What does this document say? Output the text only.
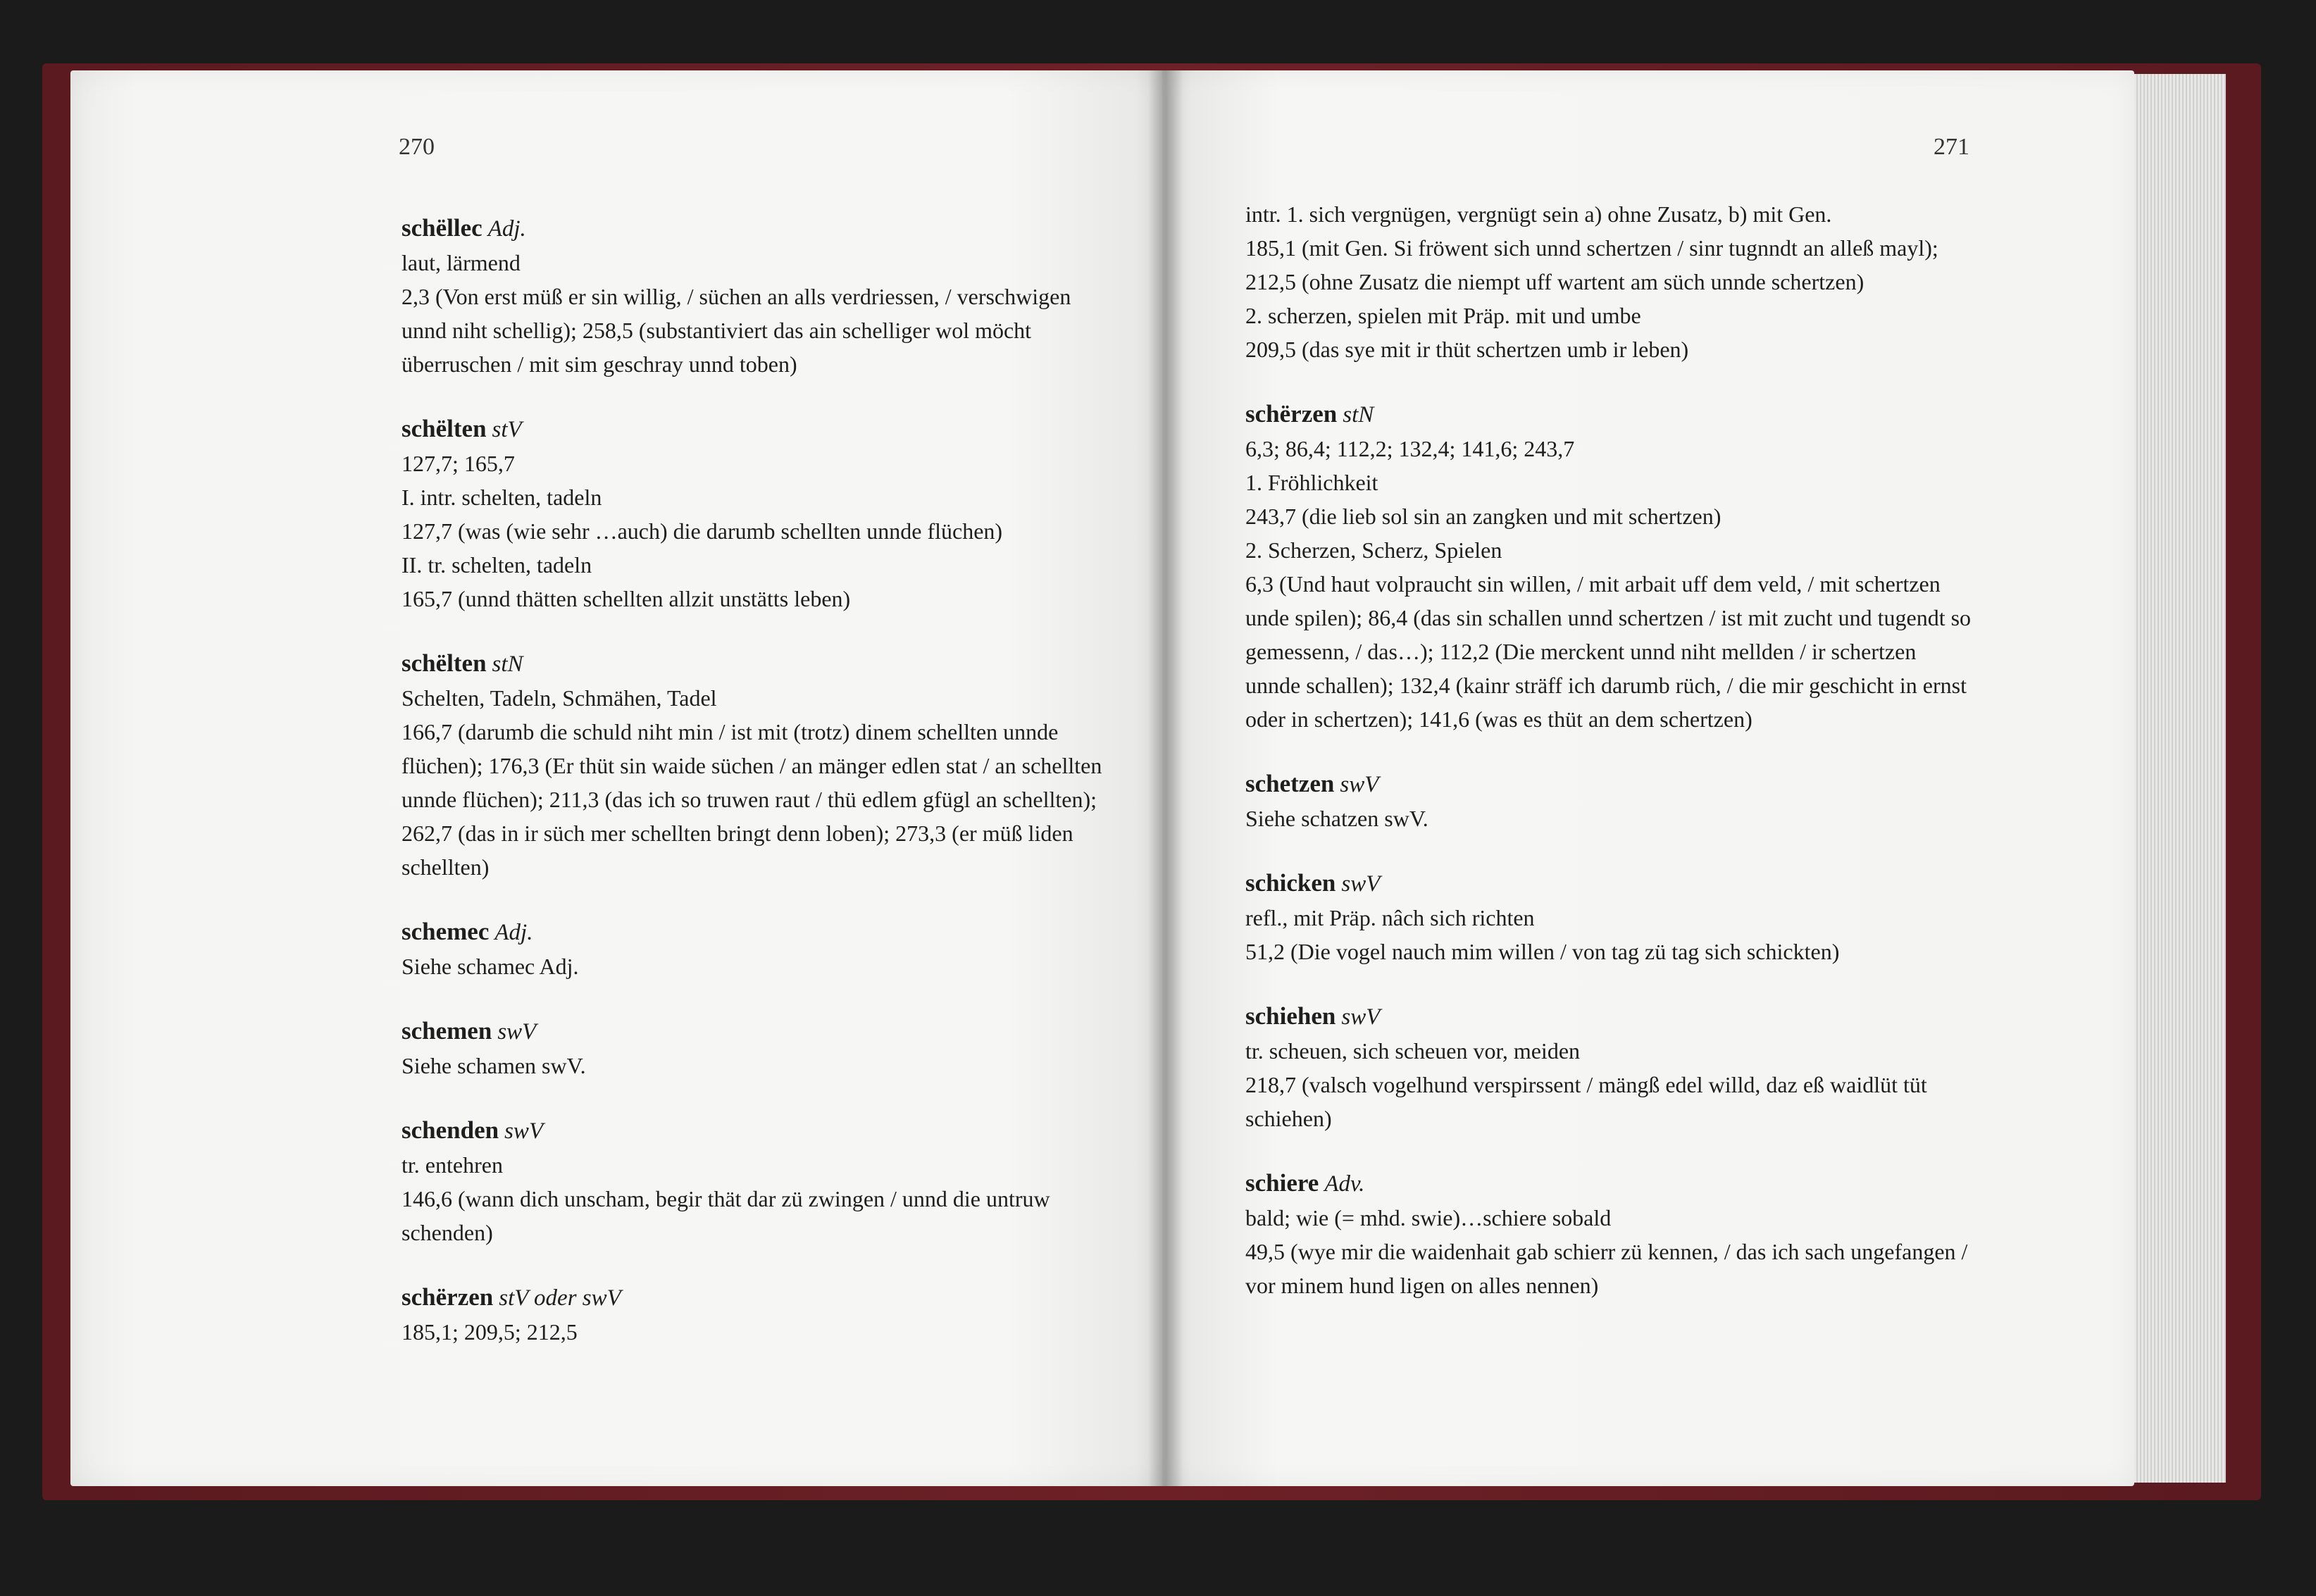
270	271
schëllec Adj.
laut, lärmend
2,3 (Von erst müß er sin willig, / süchen an alls verdriessen, / verschwigen unnd niht schellig); 258,5 (substantiviert das ain schelliger wol möcht überruschen / mit sim geschray unnd toben)
schëlten stV
127,7; 165,7
I. intr. schelten, tadeln
127,7 (was (wie sehr …auch) die darumb schellten unnde flüchen)
II. tr. schelten, tadeln
165,7 (unnd thätten schellten allzit unstätts leben)
schëlten stN
Schelten, Tadeln, Schmähen, Tadel
166,7 (darumb die schuld niht min / ist mit (trotz) dinem schellten unnde flüchen); 176,3 (Er thüt sin waide süchen / an mänger edlen stat / an schellten unnde flüchen); 211,3 (das ich so truwen raut / thü edlem gfügl an schellten); 262,7 (das in ir süch mer schellten bringt denn loben); 273,3 (er müß liden schellten)
schemec Adj.
Siehe schamec Adj.
schemen swV
Siehe schamen swV.
schenden swV
tr. entehren
146,6 (wann dich unscham, begir thät dar zü zwingen / unnd die untruw schenden)
schërzen stV oder swV
185,1; 209,5; 212,5
intr. 1. sich vergnügen, vergnügt sein a) ohne Zusatz, b) mit Gen.
185,1 (mit Gen. Si fröwent sich unnd schertzen / sinr tugnndt an alleß mayl); 212,5 (ohne Zusatz die niempt uff wartent am süch unnde schertzen)
2. scherzen, spielen mit Präp. mit und umbe
209,5 (das sye mit ir thüt schertzen umb ir leben)
schërzen stN
6,3; 86,4; 112,2; 132,4; 141,6; 243,7
1. Fröhlichkeit
243,7 (die lieb sol sin an zangken und mit schertzen)
2. Scherzen, Scherz, Spielen
6,3 (Und haut volpraucht sin willen, / mit arbait uff dem veld, / mit schertzen unde spilen); 86,4 (das sin schallen unnd schertzen / ist mit zucht und tugendt so gemessenn, / das…); 112,2 (Die merckent unnd niht mellden / ir schertzen unnde schallen); 132,4 (kainr sträff ich darumb rüch, / die mir geschicht in ernst oder in schertzen); 141,6 (was es thüt an dem schertzen)
schetzen swV
Siehe schatzen swV.
schicken swV
refl., mit Präp. nâch sich richten
51,2 (Die vogel nauch mim willen / von tag zü tag sich schickten)
schiehen swV
tr. scheuen, sich scheuen vor, meiden
218,7 (valsch vogelhund verspirssent / mängß edel willd, daz eß waidlüt tüt schiehen)
schiere Adv.
bald; wie (= mhd. swie)…schiere sobald
49,5 (wye mir die waidenhait gab schierr zü kennen, / das ich sach ungefangen / vor minem hund ligen on alles nennen)
